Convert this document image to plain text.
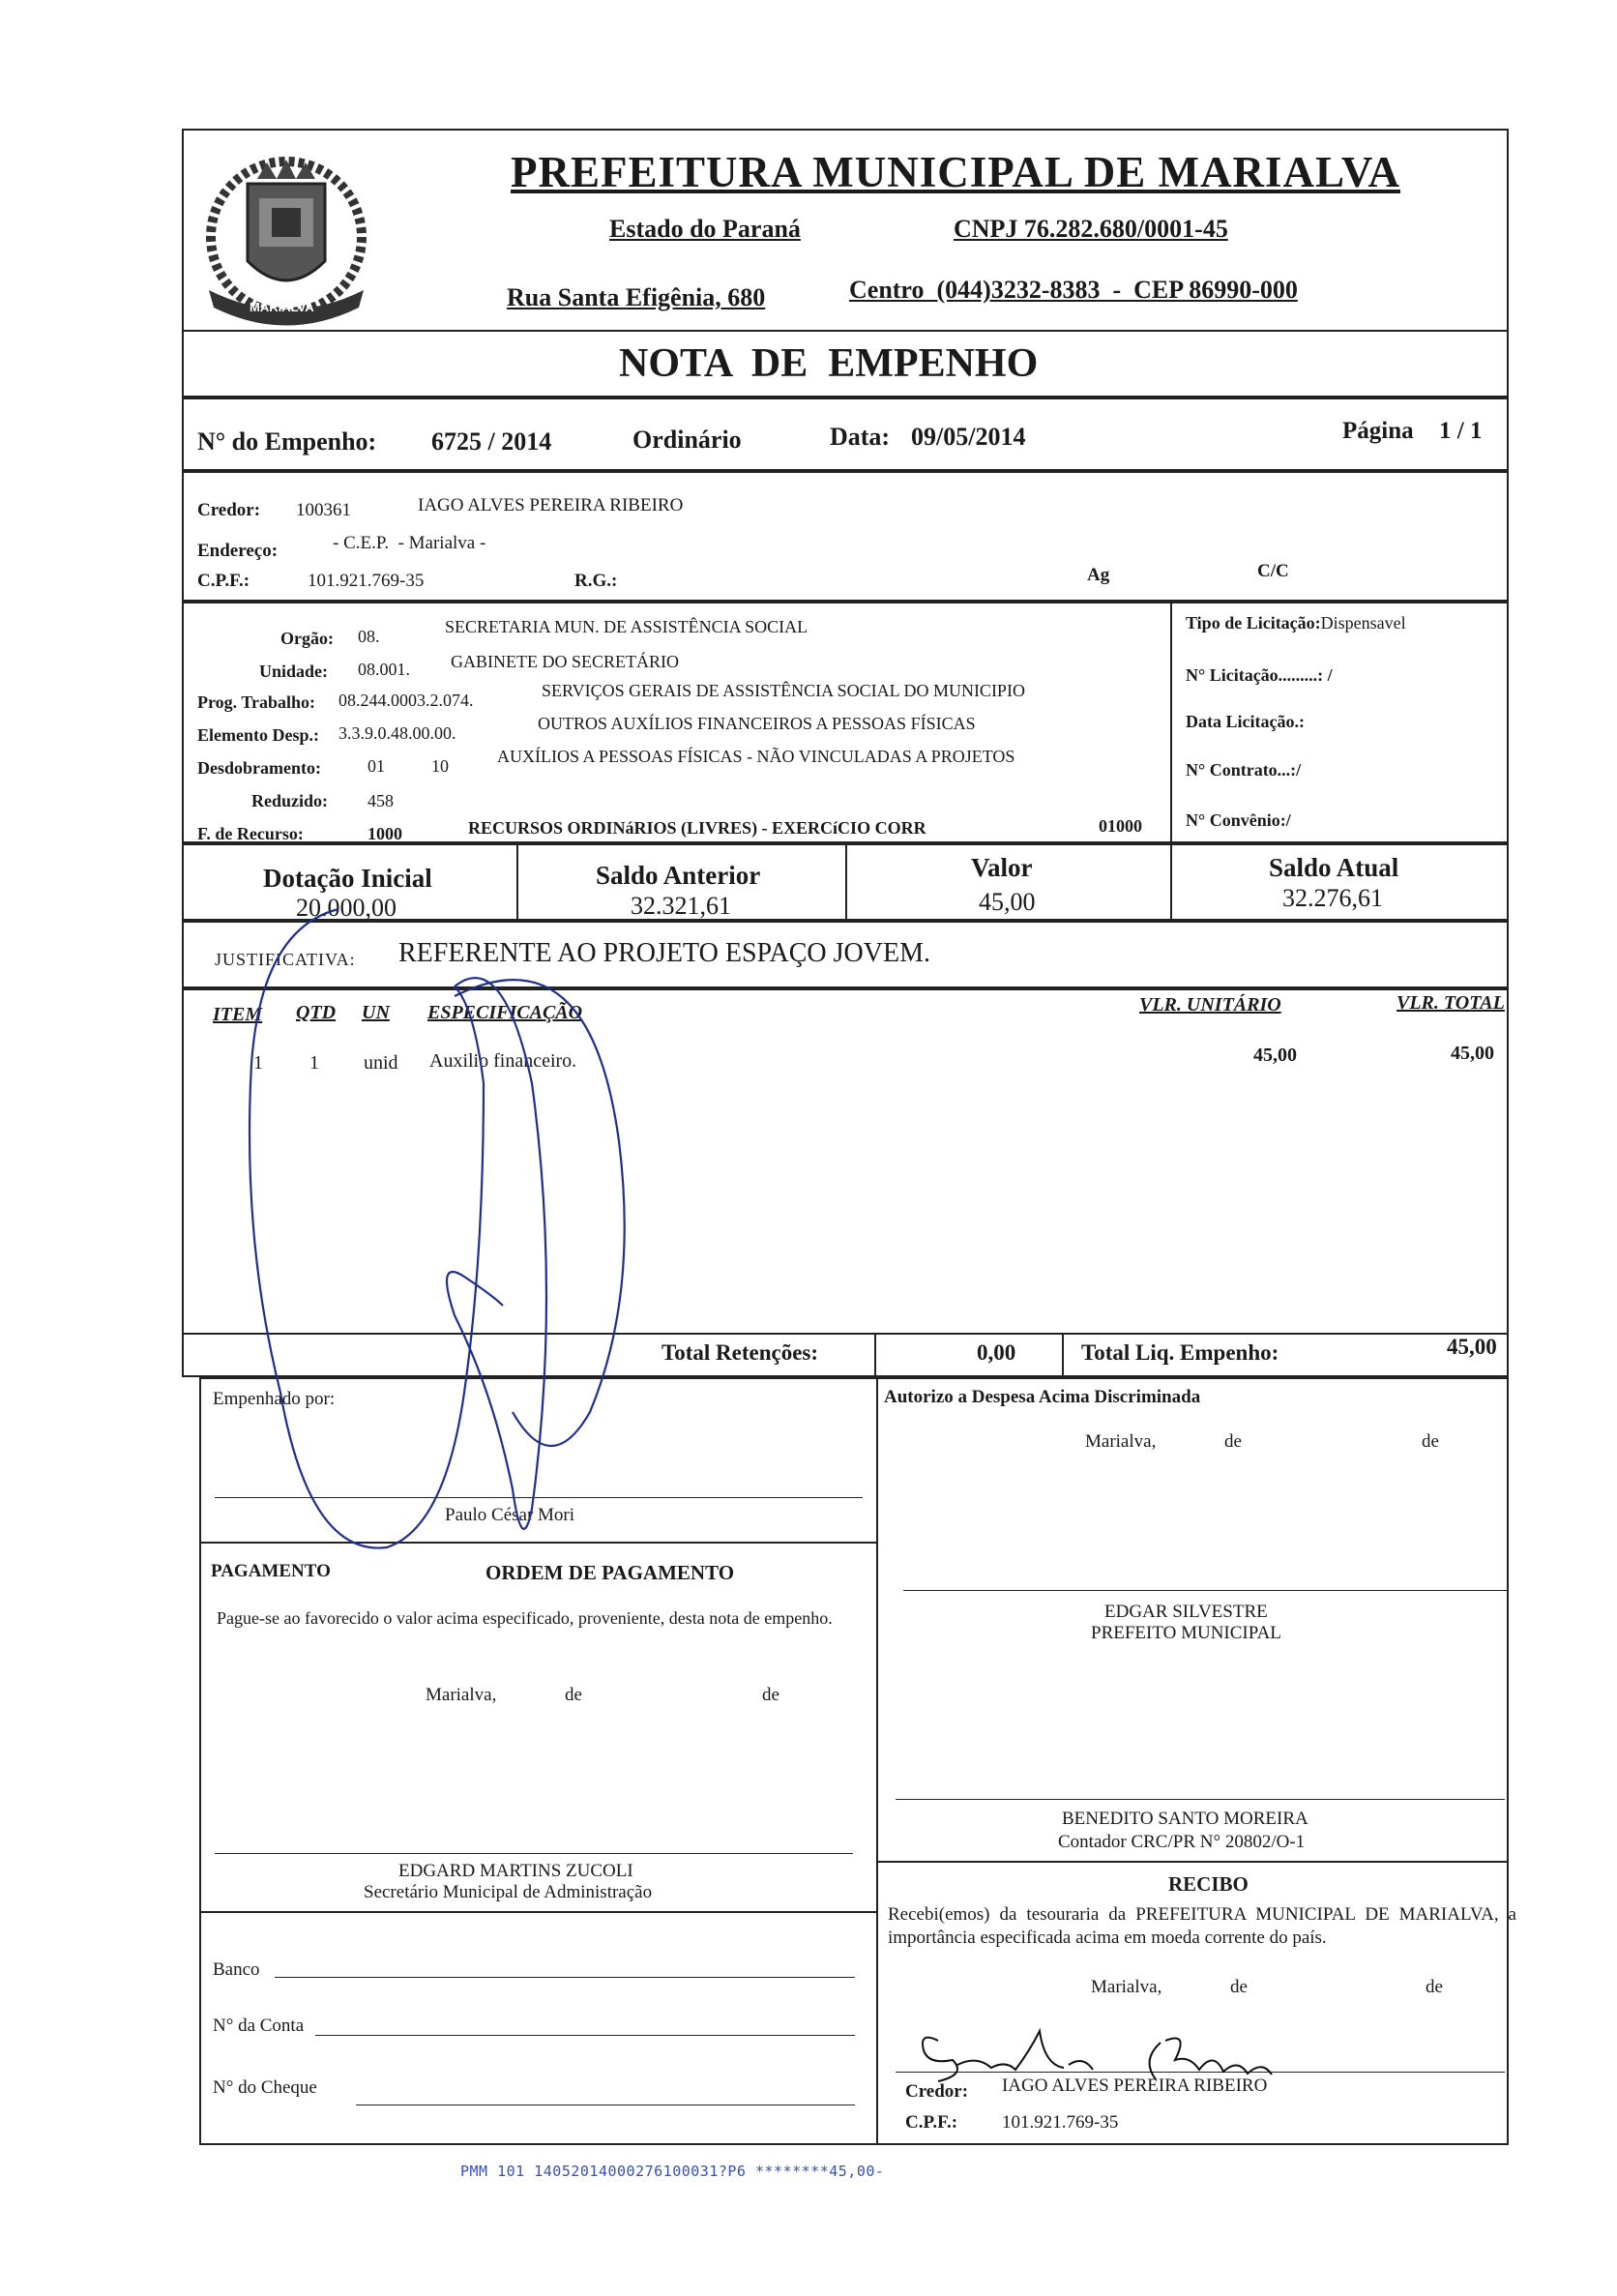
MARIALVA
PREFEITURA MUNICIPAL DE MARIALVA
Estado do Paraná	CNPJ 76.282.680/0001-45
Rua Santa Efigênia, 680	Centro  (044)3232-8383  -  CEP 86990-000
NOTA  DE  EMPENHO
N° do Empenho: 6725 / 2014	Ordinário	Data: 09/05/2014	Página 1 / 1
Credor: 100361	IAGO ALVES PEREIRA RIBEIRO
Endereço:	- C.E.P.  - Marialva -
C.P.F.:	101.921.769-35	R.G.:	Ag	C/C
Orgão: 08.	SECRETARIA MUN. DE ASSISTÊNCIA SOCIAL
Unidade: 08.001. GABINETE DO SECRETÁRIO
Prog. Trabalho: 08.244.0003.2.074.	SERVIÇOS GERAIS DE ASSISTÊNCIA SOCIAL DO MUNICIPIO
Elemento Desp.: 3.3.9.0.48.00.00.	OUTROS AUXÍLIOS FINANCEIROS A PESSOAS FÍSICAS
Desdobramento:	01	10	AUXÍLIOS A PESSOAS FÍSICAS - NÃO VINCULADAS A PROJETOS
Reduzido: 458
F. de Recurso:	1000	RECURSOS ORDINáRIOS (LIVRES) - EXERCíCIO CORR	01000
Tipo de Licitação:Dispensavel
N° Licitação.........: /
Data Licitação.:
N° Contrato...:/
N° Convênio:/
Dotação Inicial
20.000,00
Saldo Anterior
32.321,61
Valor
45,00
Saldo Atual
32.276,61
JUSTIFICATIVA: REFERENTE AO PROJETO ESPAÇO JOVEM.
ITEM QTD UN ESPECIFICAÇÃO	VLR. UNITÁRIO	VLR. TOTAL
1 1 unid Auxilio financeiro.	45,00	45,00
Total Retenções:	0,00	Total Liq. Empenho:	45,00
Empenhado por:
Paulo César Mori
Autorizo a Despesa Acima Discriminada
Marialva,	de	de
EDGAR SILVESTRE
PREFEITO MUNICIPAL
PAGAMENTO	ORDEM DE PAGAMENTO
Pague-se ao favorecido o valor acima especificado, proveniente, desta nota de empenho.
Marialva,	de	de
EDGARD MARTINS ZUCOLI
Secretário Municipal de Administração
Banco
N° da Conta
N° do Cheque
BENEDITO SANTO MOREIRA
Contador CRC/PR N° 20802/O-1
RECIBO
Recebi(emos) da tesouraria da PREFEITURA MUNICIPAL DE MARIALVA, a importância especificada acima em moeda corrente do país.
Marialva,	de	de
Credor: IAGO ALVES PEREIRA RIBEIRO
C.P.F.: 101.921.769-35
PMM 101 14052014000276100031?P6 ********45,00-
